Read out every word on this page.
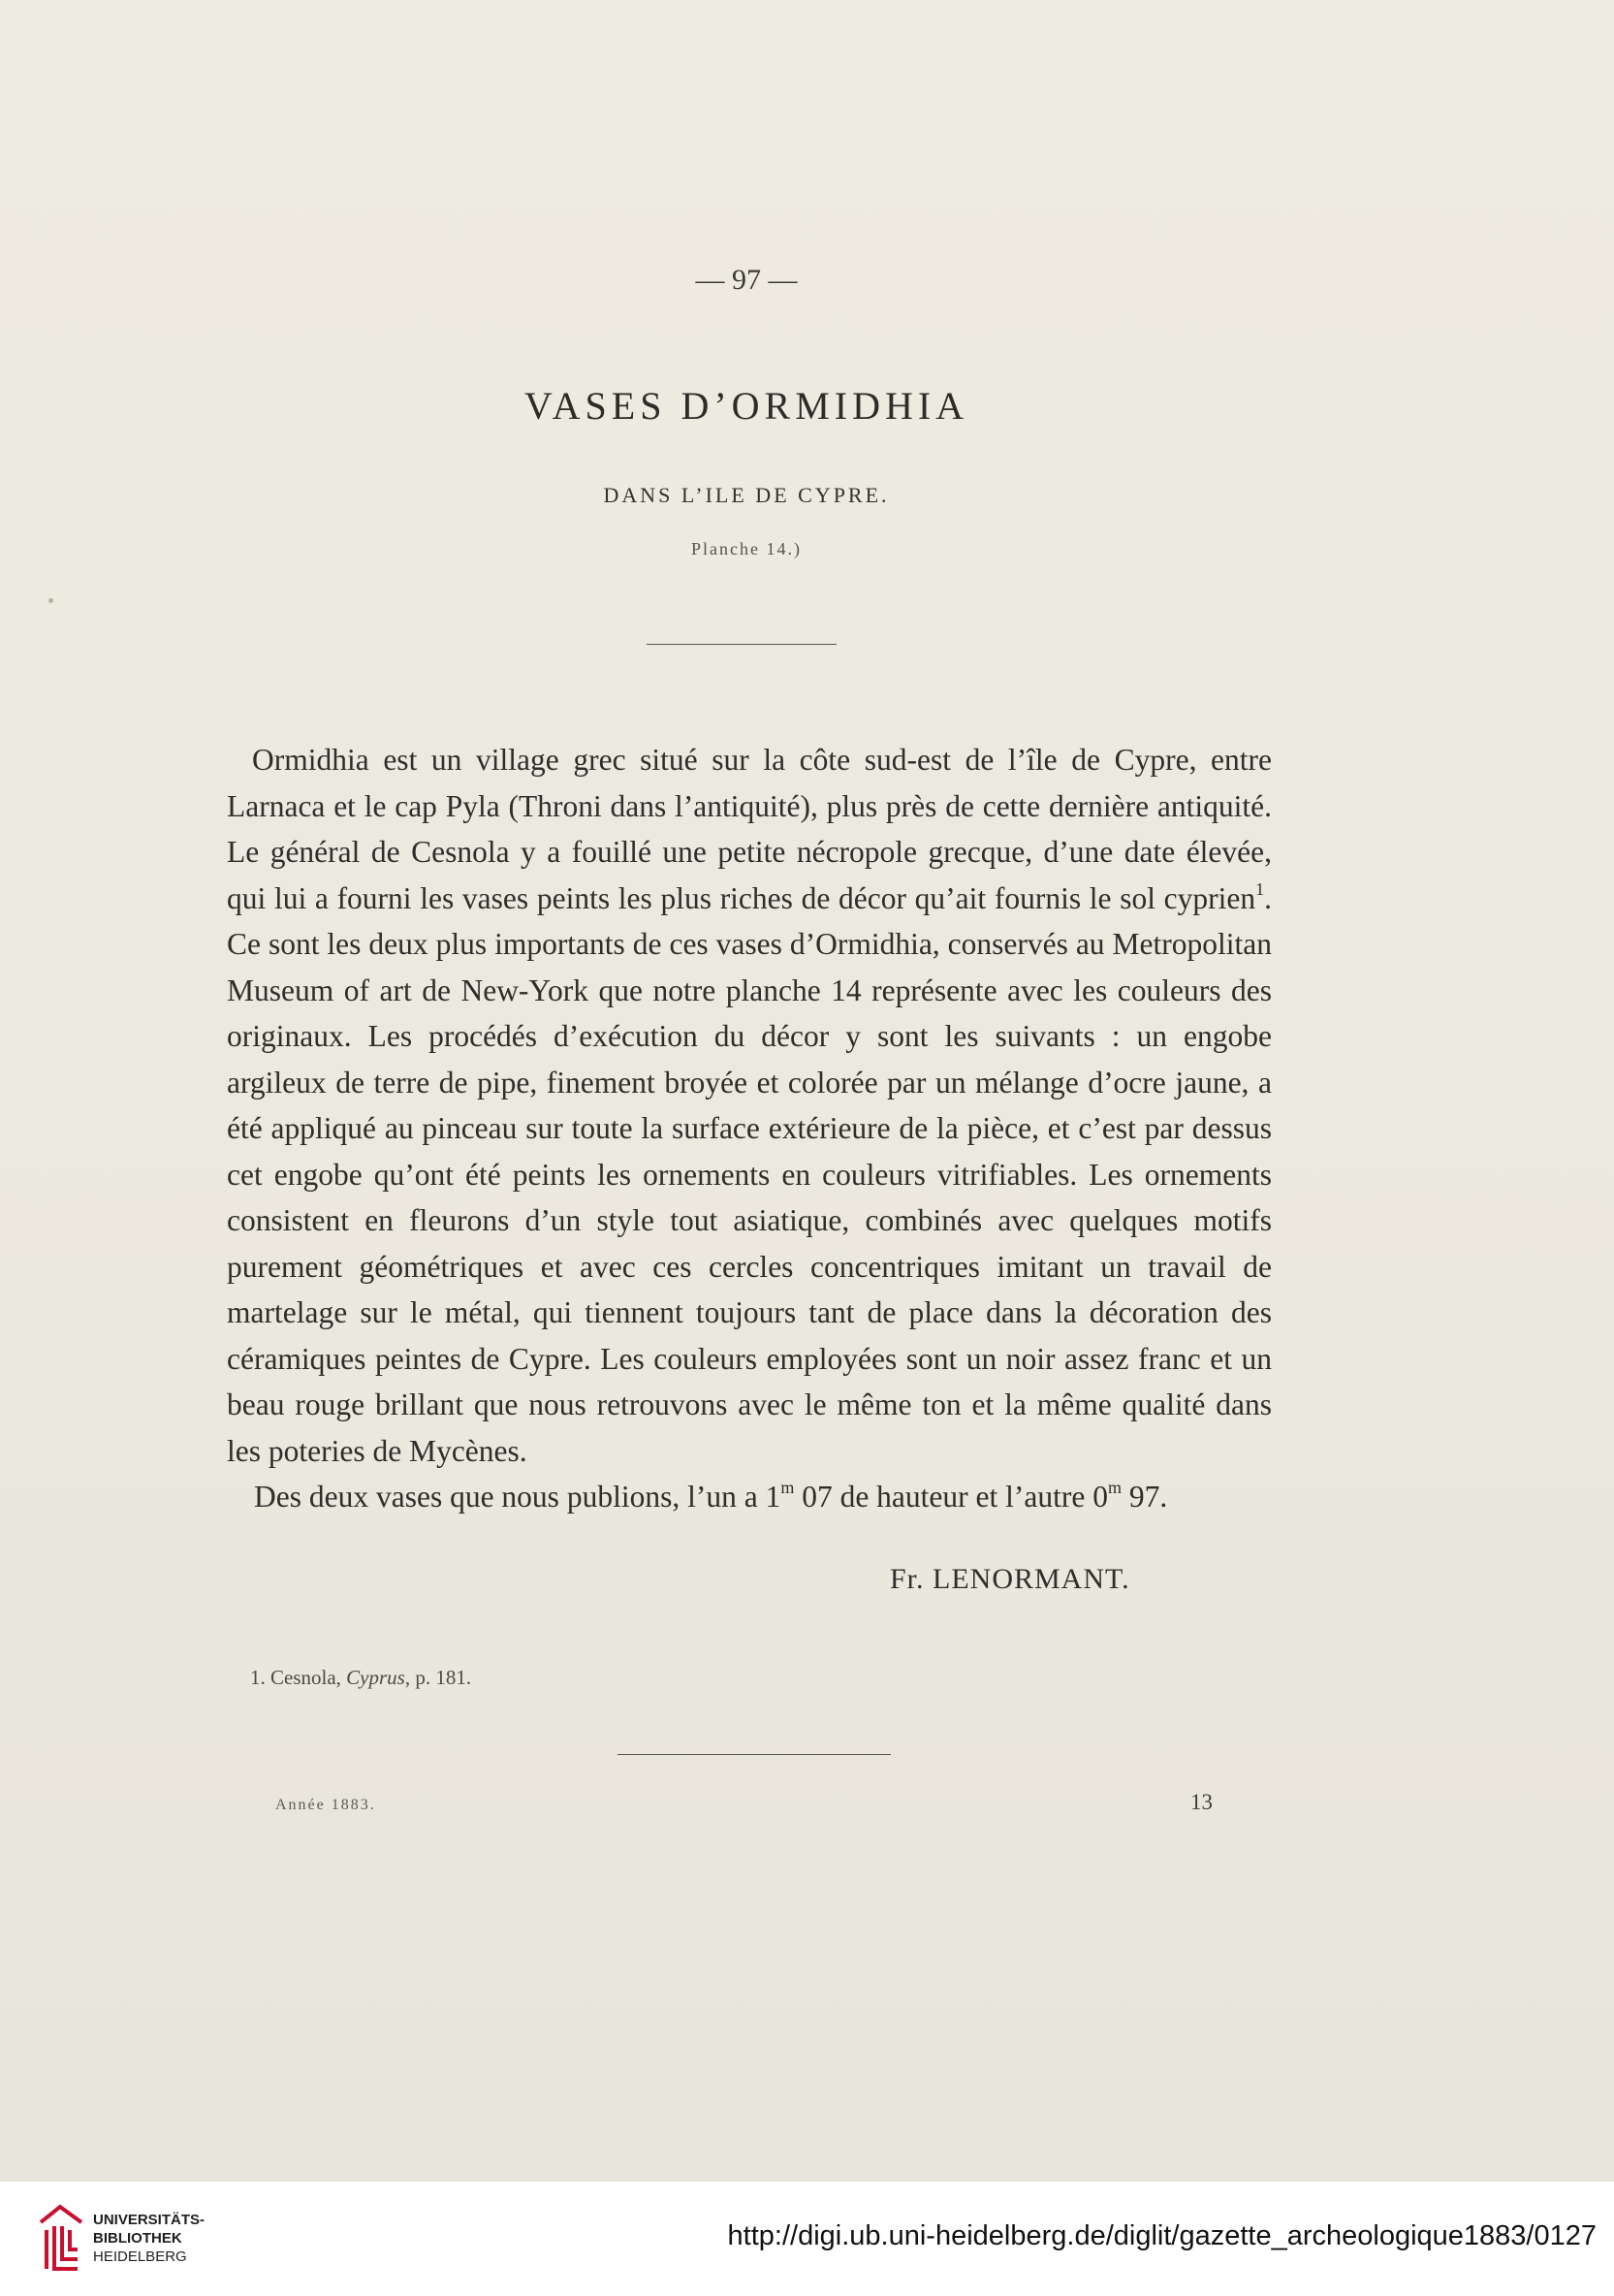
— 97 —
VASES D’ORMIDHIA
DANS L’ILE DE CYPRE.
Planche 14.)

Ormidhia est un village grec situé sur la côte sud-est de l’île de Cypre, entre Larnaca et le cap Pyla (Throni dans l’antiquité), plus près de cette dernière antiquité. Le général de Cesnola y a fouillé une petite nécropole grecque, d’une date élevée, qui lui a fourni les vases peints les plus riches de décor qu’ait fournis le sol cyprien$^1$. Ce sont les deux plus importants de ces vases d’Ormidhia, conservés au Metropolitan Museum of art de New-York que notre planche 14 représente avec les couleurs des originaux. Les procédés d’exécution du décor y sont les suivants : un engobe argileux de terre de pipe, finement broyée et colorée par un mélange d’ocre jaune, a été appliqué au pinceau sur toute la surface extérieure de la pièce, et c’est par dessus cet engobe qu’ont été peints les ornements en couleurs vitrifiables. Les ornements consistent en fleurons d’un style tout asiatique, combinés avec quelques motifs purement géométriques et avec ces cercles concentriques imitant un travail de martelage sur le métal, qui tiennent toujours tant de place dans la décoration des céramiques peintes de Cypre. Les couleurs employées sont un noir assez franc et un beau rouge brillant que nous retrouvons avec le même ton et la même qualité dans les poteries de Mycènes.

Des deux vases que nous publions, l’un a 1$^m$ 07 de hauteur et l’autre 0$^m$ 97.

Fr. LENORMANT.
1. Cesnola, Cyprus, p. 181.
Année 1883.	13
UNIVERSITÄTS-
BIBLIOTHEK
HEIDELBERG
http://digi.ub.uni-heidelberg.de/diglit/gazette_archeologique1883/0127
